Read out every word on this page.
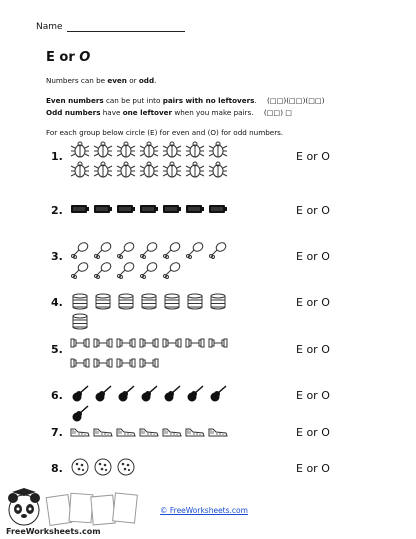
Name
E or O
Numbers can be even or odd.
Even numbers can be put into pairs with no leftovers. (□□)(□□)(□□)
Odd numbers have one leftover when you make pairs. (□□) □
For each group below circle (E) for even and (O) for odd numbers.
1.	E or O
2.	E or O
3.	E or O
4.	E or O
5.	E or O
6.	E or O
7.	E or O
8.	E or O
FreeWorksheets.com
© FreeWorksheets.com
